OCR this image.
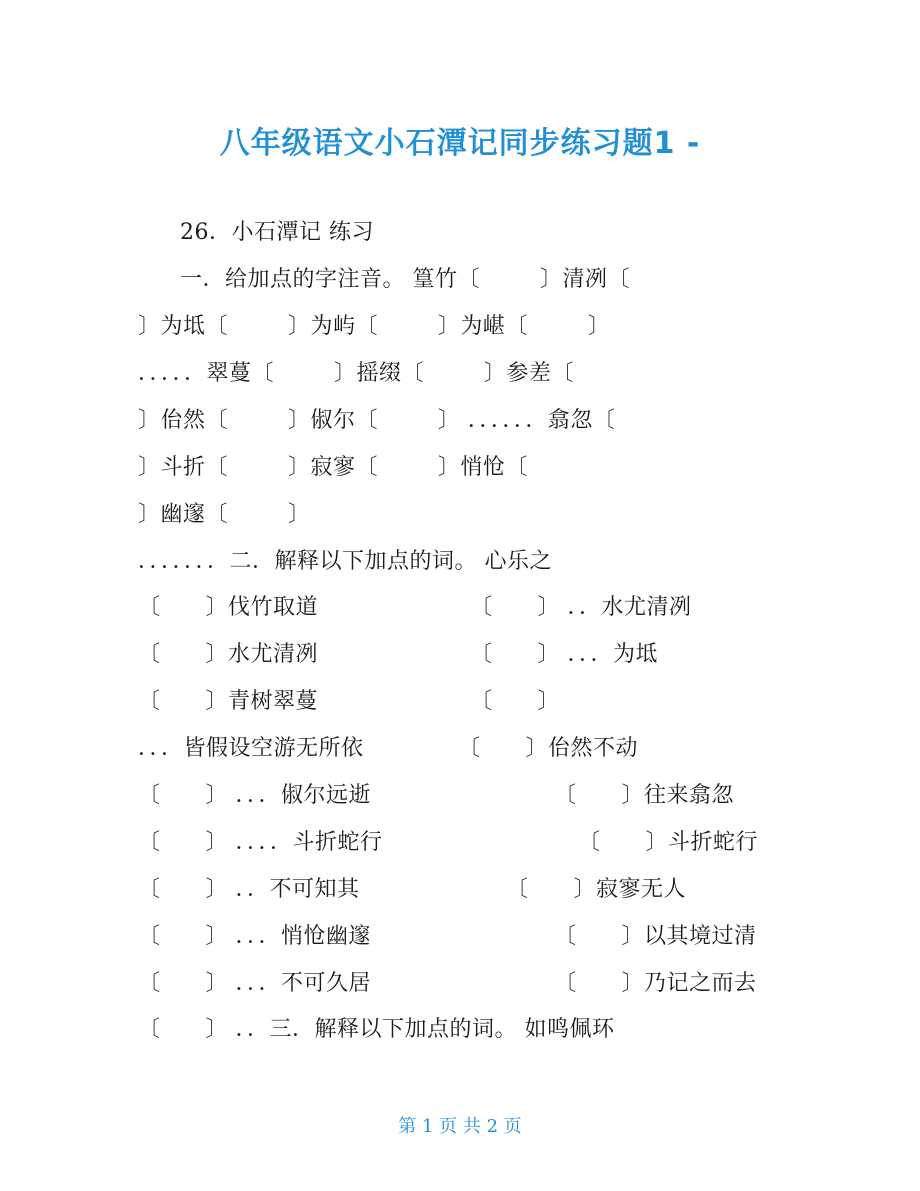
八年级语文小石潭记同步练习题1 -
26．小石潭记 练习
一．给加点的字注音。 篁竹〔        〕清冽〔
〕为坻〔        〕为屿〔        〕为嵁〔        〕
．．．．．翠蔓〔        〕摇缀〔        〕参差〔
〕佁然〔        〕俶尔〔        〕 ．．．．．．翕忽〔
〕斗折〔        〕寂寥〔        〕悄怆〔
〕幽邃〔        〕
．．．．．．．二．解释以下加点的词。 心乐之
〔      〕伐竹取道	〔      〕 ．．水尤清冽
〔      〕水尤清冽	〔      〕 ．．．为坻
〔      〕青树翠蔓	〔      〕
．．．皆假设空游无所依	〔      〕佁然不动
〔      〕 ．．．俶尔远逝	〔      〕往来翕忽
〔      〕 ．．．．斗折蛇行	〔      〕斗折蛇行
〔      〕 ．．不可知其	〔      〕寂寥无人
〔      〕 ．．．悄怆幽邃	〔      〕以其境过清
〔      〕 ．．．不可久居	〔      〕乃记之而去
〔      〕 ．．三．解释以下加点的词。 如鸣佩环

第 1 页 共 2 页
